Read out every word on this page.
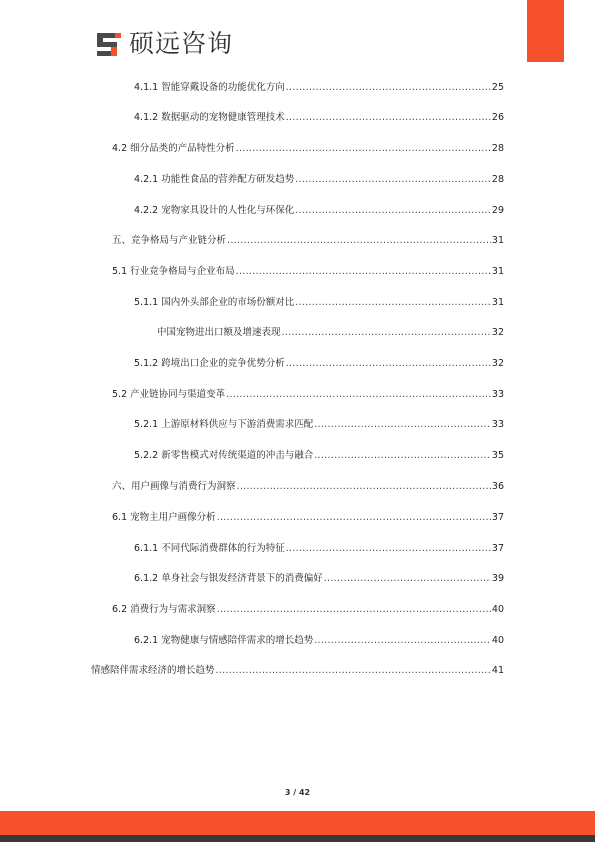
硕远咨询
4.1.1 智能穿戴设备的功能优化方向 .....	25
4.1.2 数据驱动的宠物健康管理技术 .....	26
4.2 细分品类的产品特性分析 .....	28
4.2.1 功能性食品的营养配方研发趋势 .....	28
4.2.2 宠物家具设计的人性化与环保化 .....	29
五、竞争格局与产业链分析 .....	31
5.1 行业竞争格局与企业布局 .....	31
5.1.1 国内外头部企业的市场份额对比 .....	31
中国宠物进出口额及增速表现 .....	32
5.1.2 跨境出口企业的竞争优势分析 .....	32
5.2 产业链协同与渠道变革 .....	33
5.2.1 上游原材料供应与下游消费需求匹配 .....	33
5.2.2 新零售模式对传统渠道的冲击与融合 .....	35
六、用户画像与消费行为洞察 .....	36
6.1 宠物主用户画像分析 .....	37
6.1.1 不同代际消费群体的行为特征 .....	37
6.1.2 单身社会与银发经济背景下的消费偏好 .....	39
6.2 消费行为与需求洞察 .....	40
6.2.1 宠物健康与情感陪伴需求的增长趋势 .....	40
情感陪伴需求经济的增长趋势 .....	41
3 / 42
